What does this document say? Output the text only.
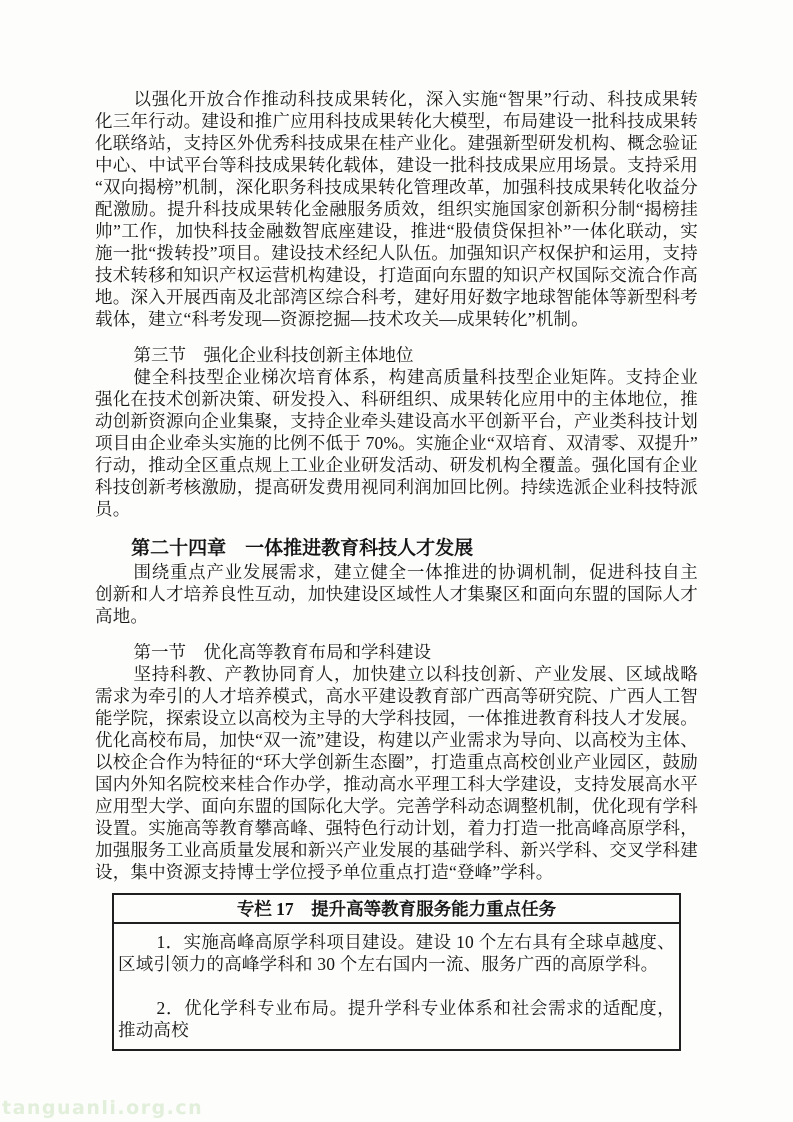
以强化开放合作推动科技成果转化，深入实施“智果”行动、科技成果转化三年行动。建设和推广应用科技成果转化大模型，布局建设一批科技成果转化联络站，支持区外优秀科技成果在桂产业化。建强新型研发机构、概念验证中心、中试平台等科技成果转化载体，建设一批科技成果应用场景。支持采用“双向揭榜”机制，深化职务科技成果转化管理改革，加强科技成果转化收益分配激励。提升科技成果转化金融服务质效，组织实施国家创新积分制“揭榜挂帅”工作，加快科技金融数智底座建设，推进“股债贷保担补”一体化联动，实施一批“拨转投”项目。建设技术经纪人队伍。加强知识产权保护和运用，支持技术转移和知识产权运营机构建设，打造面向东盟的知识产权国际交流合作高地。深入开展西南及北部湾区综合科考，建好用好数字地球智能体等新型科考载体，建立“科考发现—资源挖掘—技术攻关—成果转化”机制。

第三节　强化企业科技创新主体地位

健全科技型企业梯次培育体系，构建高质量科技型企业矩阵。支持企业强化在技术创新决策、研发投入、科研组织、成果转化应用中的主体地位，推动创新资源向企业集聚，支持企业牵头建设高水平创新平台，产业类科技计划项目由企业牵头实施的比例不低于 70%。实施企业“双培育、双清零、双提升”行动，推动全区重点规上工业企业研发活动、研发机构全覆盖。强化国有企业科技创新考核激励，提高研发费用视同利润加回比例。持续选派企业科技特派员。

第二十四章　一体推进教育科技人才发展

围绕重点产业发展需求，建立健全一体推进的协调机制，促进科技自主创新和人才培养良性互动，加快建设区域性人才集聚区和面向东盟的国际人才高地。

第一节　优化高等教育布局和学科建设

坚持科教、产教协同育人，加快建立以科技创新、产业发展、区域战略需求为牵引的人才培养模式，高水平建设教育部广西高等研究院、广西人工智能学院，探索设立以高校为主导的大学科技园，一体推进教育科技人才发展。优化高校布局，加快“双一流”建设，构建以产业需求为导向、以高校为主体、以校企合作为特征的“环大学创新生态圈”，打造重点高校创业产业园区，鼓励国内外知名院校来桂合作办学，推动高水平理工科大学建设，支持发展高水平应用型大学、面向东盟的国际化大学。完善学科动态调整机制，优化现有学科设置。实施高等教育攀高峰、强特色行动计划，着力打造一批高峰高原学科，加强服务工业高质量发展和新兴产业发展的基础学科、新兴学科、交叉学科建设，集中资源支持博士学位授予单位重点打造“登峰”学科。

专栏 17　提升高等教育服务能力重点任务

1．实施高峰高原学科项目建设。建设 10 个左右具有全球卓越度、区域引领力的高峰学科和 30 个左右国内一流、服务广西的高原学科。

2．优化学科专业布局。提升学科专业体系和社会需求的适配度，推动高校

tanguanli.org.cn
